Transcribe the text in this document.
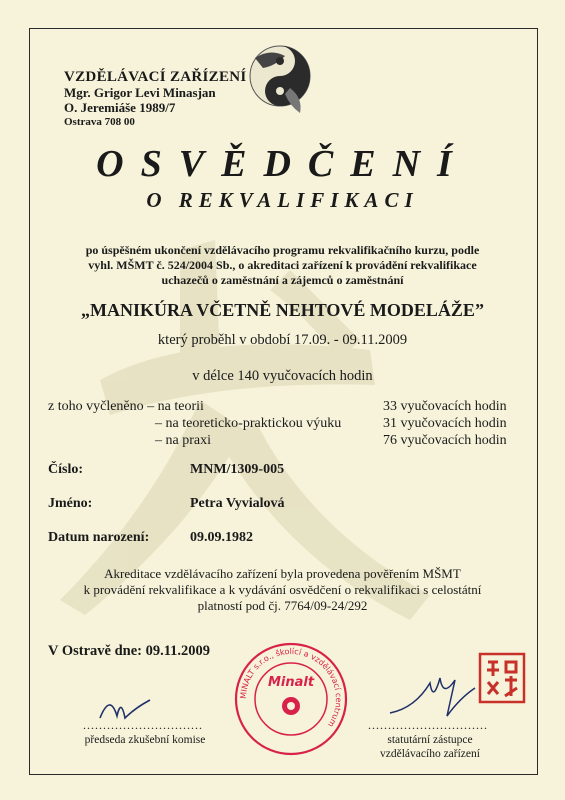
VZDĚLÁVACÍ ZAŘÍZENÍ
Mgr. Grigor Levi Minasjan
O. Jeremiáše 1989/7
Ostrava 708 00
OSVĚDČENÍ
O REKVALIFIKACI
po úspěšném ukončení vzdělávacího programu rekvalifikačního kurzu, podle
vyhl. MŠMT č. 524/2004 Sb., o akreditaci zařízení k provádění rekvalifikace
uchazečů o zaměstnání a zájemců o zaměstnání
„MANIKÚRA VČETNĚ NEHTOVÉ MODELÁŽE”
který proběhl v období 17.09. - 09.11.2009
v délce 140 vyučovacích hodin
z toho vyčleněno – na teorii	33 vyučovacích hodin
– na teoreticko-praktickou výuku	31 vyučovacích hodin
– na praxi	76 vyučovacích hodin
Číslo:	MNM/1309-005
Jméno:	Petra Vyvialová
Datum narození:	09.09.1982
Akreditace vzdělávacího zařízení byla provedena pověřením MŠMT
k provádění rekvalifikace a k vydávání osvědčení o rekvalifikaci s celostátní
platností pod čj. 7764/09-24/292
V Ostravě dne: 09.11.2009
..............................
předseda zkušební komise
MINALT s.r.o., školící a vzdělávací centrum
Minalt
..............................
statutární zástupce
vzdělávacího zařízení
